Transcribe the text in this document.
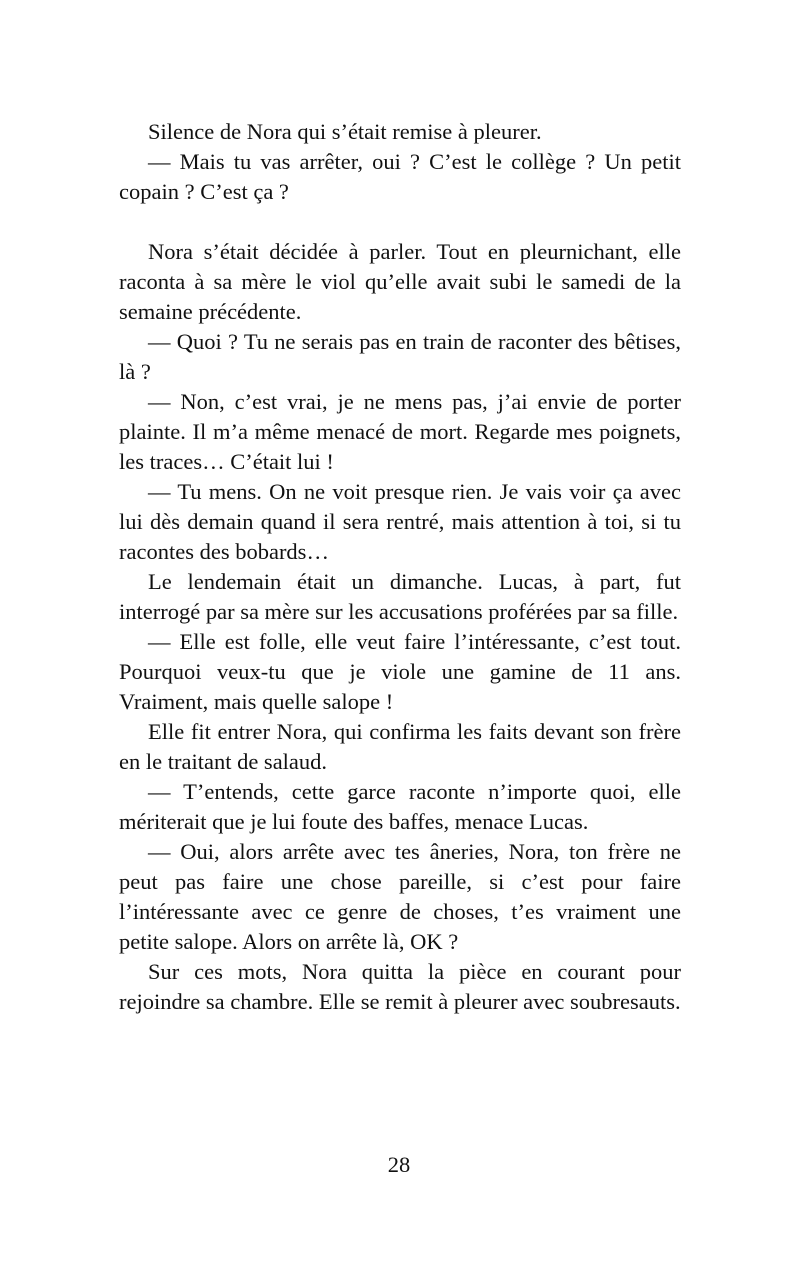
Silence de Nora qui s’était remise à pleurer.

— Mais tu vas arrêter, oui ? C’est le collège ? Un petit copain ? C’est ça ?

Nora s’était décidée à parler. Tout en pleurnichant, elle raconta à sa mère le viol qu’elle avait subi le samedi de la semaine précédente.

— Quoi ? Tu ne serais pas en train de raconter des bêtises, là ?

— Non, c’est vrai, je ne mens pas, j’ai envie de porter plainte. Il m’a même menacé de mort. Regarde mes poignets, les traces… C’était lui !

— Tu mens. On ne voit presque rien. Je vais voir ça avec lui dès demain quand il sera rentré, mais attention à toi, si tu racontes des bobards…

Le lendemain était un dimanche. Lucas, à part, fut interrogé par sa mère sur les accusations proférées par sa fille.

— Elle est folle, elle veut faire l’intéressante, c’est tout. Pourquoi veux-tu que je viole une gamine de 11 ans. Vraiment, mais quelle salope !

Elle fit entrer Nora, qui confirma les faits devant son frère en le traitant de salaud.

— T’entends, cette garce raconte n’importe quoi, elle mériterait que je lui foute des baffes, menace Lucas.

— Oui, alors arrête avec tes âneries, Nora, ton frère ne peut pas faire une chose pareille, si c’est pour faire l’intéressante avec ce genre de choses, t’es vraiment une petite salope. Alors on arrête là, OK ?

Sur ces mots, Nora quitta la pièce en courant pour rejoindre sa chambre. Elle se remit à pleurer avec soubresauts.

28
